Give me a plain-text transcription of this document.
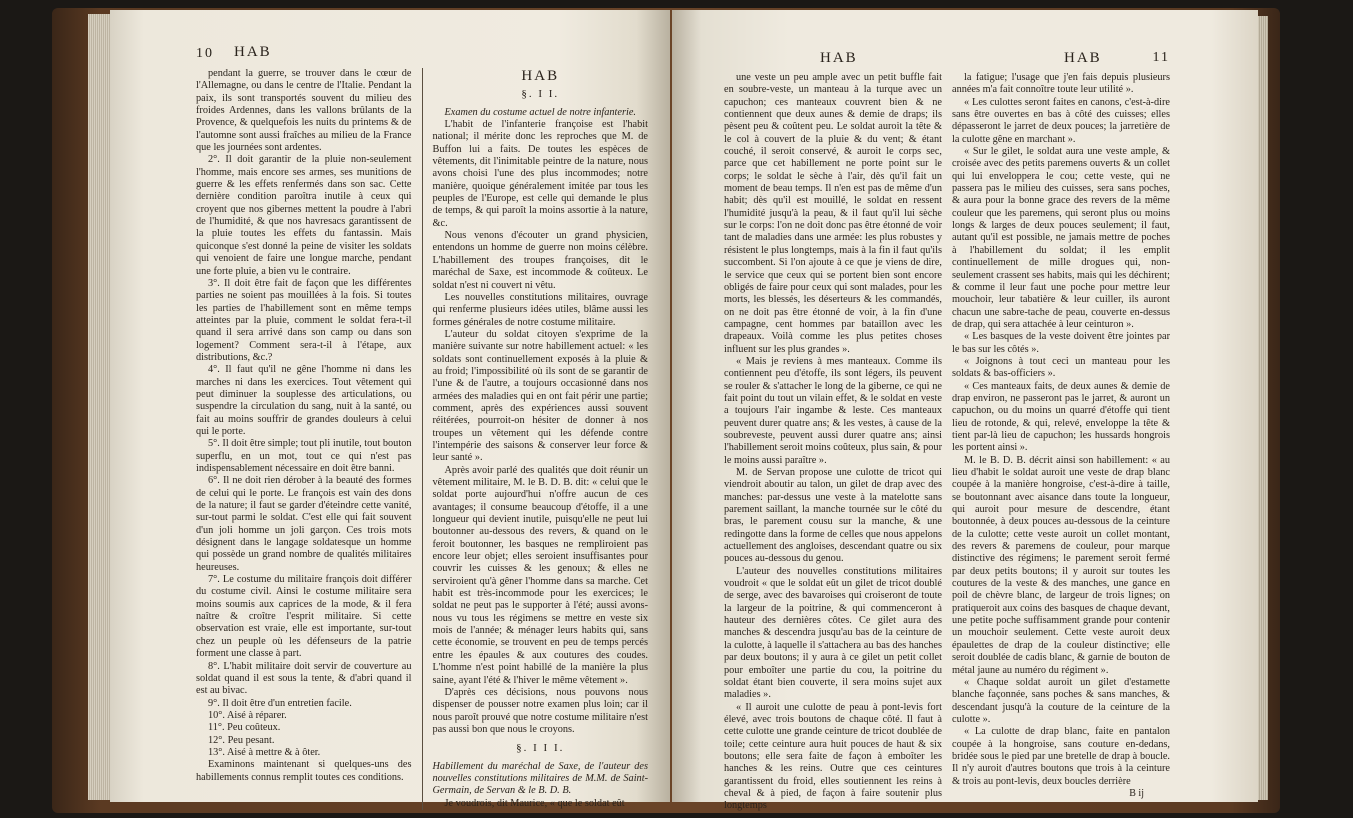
10 HAB

pendant la guerre, se trouver dans le cœur de l'Allemagne, ou dans le centre de l'Italie. Pendant la paix, ils sont transportés souvent du milieu des froides Ardennes, dans les vallons brûlants de la Provence, & quelquefois les nuits du printems & de l'automne sont aussi fraîches au milieu de la France que les journées sont ardentes.

2°. Il doit garantir de la pluie non-seulement l'homme, mais encore ses armes, ses munitions de guerre & les effets renfermés dans son sac. Cette dernière condition paroîtra inutile à ceux qui croyent que nos gibernes mettent la poudre à l'abri de l'humidité, & que nos havresacs garantissent de la pluie toutes les effets du fantassin. Mais quiconque s'est donné la peine de visiter les soldats qui venoient de faire une longue marche, pendant une forte pluie, a bien vu le contraire.

3°. Il doit être fait de façon que les différentes parties ne soient pas mouillées à la fois. Si toutes les parties de l'habillement sont en même temps atteintes par la pluie, comment le soldat fera-t-il quand il sera arrivé dans son camp ou dans son logement? Comment sera-t-il à l'étape, aux distributions, &c.?

4°. Il faut qu'il ne gêne l'homme ni dans les marches ni dans les exercices. Tout vêtement qui peut diminuer la souplesse des articulations, ou suspendre la circulation du sang, nuit à la santé, ou fait au moins souffrir de grandes douleurs à celui qui le porte.

5°. Il doit être simple; tout pli inutile, tout bouton superflu, en un mot, tout ce qui n'est pas indispensablement nécessaire en doit être banni.

6°. Il ne doit rien dérober à la beauté des formes de celui qui le porte. Le françois est vain des dons de la nature; il faut se garder d'éteindre cette vanité, sur-tout parmi le soldat. C'est elle qui fait souvent d'un joli homme un joli garçon. Ces trois mots désignent dans le langage soldatesque un homme qui possède un grand nombre de qualités militaires heureuses.

7°. Le costume du militaire françois doit différer du costume civil. Ainsi le costume militaire sera moins soumis aux caprices de la mode, & il fera naître & croître l'esprit militaire. Si cette observation est vraie, elle est importante, sur-tout chez un peuple où les défenseurs de la patrie forment une classe à part.

8°. L'habit militaire doit servir de couverture au soldat quand il est sous la tente, & d'abri quand il est au bivac.

9°. Il doit être d'un entretien facile.

10°. Aisé à réparer.

11°. Peu coûteux.

12°. Peu pesant.

13°. Aisé à mettre & à ôter.

Examinons maintenant si quelques-uns des habillements connus remplit toutes ces conditions.

HAB
§. I I.

Examen du costume actuel de notre infanterie.

L'habit de l'infanterie françoise est l'habit national; il mérite donc les reproches que M. de Buffon lui a faits. De toutes les espèces de vêtements, dit l'inimitable peintre de la nature, nous avons choisi l'une des plus incommodes; notre manière, quoique généralement imitée par tous les peuples de l'Europe, est celle qui demande le plus de temps, & qui paroît la moins assortie à la nature, &c.

Nous venons d'écouter un grand physicien, entendons un homme de guerre non moins célèbre. L'habillement des troupes françoises, dit le maréchal de Saxe, est incommode & coûteux. Le soldat n'est ni couvert ni vêtu.

Les nouvelles constitutions militaires, ouvrage qui renferme plusieurs idées utiles, blâme aussi les formes générales de notre costume militaire.

L'auteur du soldat citoyen s'exprime de la manière suivante sur notre habillement actuel: « les soldats sont continuellement exposés à la pluie & au froid; l'impossibilité où ils sont de se garantir de l'une & de l'autre, a toujours occasionné dans nos armées des maladies qui en ont fait périr une partie; comment, après des expériences aussi souvent réitérées, pourroit-on hésiter de donner à nos troupes un vêtement qui les défende contre l'intempérie des saisons & conserver leur force & leur santé ».

Après avoir parlé des qualités que doit réunir un vêtement militaire, M. le B. D. B. dit: « celui que le soldat porte aujourd'hui n'offre aucun de ces avantages; il consume beaucoup d'étoffe, il a une longueur qui devient inutile, puisqu'elle ne peut lui boutonner au-dessous des revers, & quand on le feroit boutonner, les basques ne rempliroient pas encore leur objet; elles seroient insuffisantes pour couvrir les cuisses & les genoux; & elles ne serviroient qu'à gêner l'homme dans sa marche. Cet habit est très-incommode pour les exercices; le soldat ne peut pas le supporter à l'été; aussi avons-nous vu tous les régimens se mettre en veste six mois de l'année; & ménager leurs habits qui, sans cette économie, se trouvent en peu de temps percés entre les épaules & aux coutures des coudes. L'homme n'est point habillé de la manière la plus saine, ayant l'été & l'hiver le même vêtement ».

D'après ces décisions, nous pouvons nous dispenser de pousser notre examen plus loin; car il nous paroît prouvé que notre costume militaire n'est pas aussi bon que nous le croyons.

§. I I I.

Habillement du maréchal de Saxe, de l'auteur des nouvelles constitutions militaires de M.M. de Saint-Germain, de Servan & le B. D. B.

Je voudrois, dit Maurice, « que le soldat eût

HAB	HAB	11

une veste un peu ample avec un petit buffle fait en soubre-veste, un manteau à la turque avec un capuchon; ces manteaux couvrent bien & ne contiennent que deux aunes & demie de draps; ils pèsent peu & coûtent peu. Le soldat auroit la tête & le col à couvert de la pluie & du vent; & étant couché, il seroit conservé, & auroit le corps sec, parce que cet habillement ne porte point sur le corps; le soldat le sèche à l'air, dès qu'il fait un moment de beau temps. Il n'en est pas de même d'un habit; dès qu'il est mouillé, le soldat en ressent l'humidité jusqu'à la peau, & il faut qu'il lui sèche sur le corps: l'on ne doit donc pas être étonné de voir tant de maladies dans une armée: les plus robustes y résistent le plus longtemps, mais à la fin il faut qu'ils succombent. Si l'on ajoute à ce que je viens de dire, le service que ceux qui se portent bien sont encore obligés de faire pour ceux qui sont malades, pour les morts, les blessés, les déserteurs & les commandés, on ne doit pas être étonné de voir, à la fin d'une campagne, cent hommes par bataillon avec les drapeaux. Voilà comme les plus petites choses influent sur les plus grandes ».

« Mais je reviens à mes manteaux. Comme ils contiennent peu d'étoffe, ils sont légers, ils peuvent se rouler & s'attacher le long de la giberne, ce qui ne fait point du tout un vilain effet, & le soldat en veste a toujours l'air ingambe & leste. Ces manteaux peuvent durer quatre ans; & les vestes, à cause de la soubreveste, peuvent aussi durer quatre ans; ainsi l'habillement seroit moins coûteux, plus sain, & pour le moins aussi paraître ».

M. de Servan propose une culotte de tricot qui viendroit aboutir au talon, un gilet de drap avec des manches: par-dessus une veste à la matelotte sans parement saillant, la manche tournée sur le côté du bras, le parement cousu sur la manche, & une redingotte dans la forme de celles que nous appelons actuellement des angloises, descendant quatre ou six pouces au-dessous du genou.

L'auteur des nouvelles constitutions militaires voudroit « que le soldat eût un gilet de tricot doublé de serge, avec des bavaroises qui croiseront de toute la largeur de la poitrine, & qui commenceront à hauteur des dernières côtes. Ce gilet aura des manches & descendra jusqu'au bas de la ceinture de la culotte, à laquelle il s'attachera au bas des hanches par deux boutons; il y aura à ce gilet un petit collet pour emboîter une partie du cou, la poitrine du soldat étant bien couverte, il sera moins sujet aux maladies ».

« Il auroit une culotte de peau à pont-levis fort élevé, avec trois boutons de chaque côté. Il faut à cette culotte une grande ceinture de tricot doublée de toile; cette ceinture aura huit pouces de haut & six boutons; elle sera faite de façon à emboîter les hanches & les reins. Outre que ces ceintures garantissent du froid, elles soutiennent les reins à cheval & à pied, de façon à faire soutenir plus longtemps

la fatigue; l'usage que j'en fais depuis plusieurs années m'a fait connoître toute leur utilité ».

« Les culottes seront faites en canons, c'est-à-dire sans être ouvertes en bas à côté des cuisses; elles dépasseront le jarret de deux pouces; la jarretière de la culotte gêne en marchant ».

« Sur le gilet, le soldat aura une veste ample, & croisée avec des petits paremens ouverts & un collet qui lui enveloppera le cou; cette veste, qui ne passera pas le milieu des cuisses, sera sans poches, & aura pour la bonne grace des revers de la même couleur que les paremens, qui seront plus ou moins longs & larges de deux pouces seulement; il faut, autant qu'il est possible, ne jamais mettre de poches à l'habillement du soldat; il les emplit continuellement de mille drogues qui, non-seulement crassent ses habits, mais qui les déchirent; & comme il leur faut une poche pour mettre leur mouchoir, leur tabatière & leur cuiller, ils auront chacun une sabre-tache de peau, couverte en-dessus de drap, qui sera attachée à leur ceinturon ».

« Les basques de la veste doivent être jointes par le bas sur les côtés ».

« Joignons à tout ceci un manteau pour les soldats & bas-officiers ».

« Ces manteaux faits, de deux aunes & demie de drap environ, ne passeront pas le jarret, & auront un capuchon, ou du moins un quarré d'étoffe qui tient lieu de rotonde, & qui, relevé, enveloppe la tête & tient par-là lieu de capuchon; les hussards hongrois les portent ainsi ».

M. le B. D. B. décrit ainsi son habillement: « au lieu d'habit le soldat auroit une veste de drap blanc coupée à la manière hongroise, c'est-à-dire à taille, se boutonnant avec aisance dans toute la longueur, qui auroit pour mesure de descendre, étant boutonnée, à deux pouces au-dessous de la ceinture de la culotte; cette veste auroit un collet montant, des revers & paremens de couleur, pour marque distinctive des régimens; le parement seroit fermé par deux petits boutons; il y auroit sur toutes les coutures de la veste & des manches, une gance en poil de chèvre blanc, de largeur de trois lignes; on pratiqueroit aux coins des basques de chaque devant, une petite poche suffisamment grande pour contenir un mouchoir seulement. Cette veste auroit deux épaulettes de drap de la couleur distinctive; elle seroit doublée de cadis blanc, & garnie de bouton de métal jaune au numéro du régiment ».

« Chaque soldat auroit un gilet d'estamette blanche façonnée, sans poches & sans manches, & descendant jusqu'à la couture de la ceinture de la culotte ».

« La culotte de drap blanc, faite en pantalon coupée à la hongroise, sans couture en-dedans, bridée sous le pied par une bretelle de drap à boucle. Il n'y auroit d'autres boutons que trois à la ceinture & trois au pont-levis, deux boucles derrière

B ij
